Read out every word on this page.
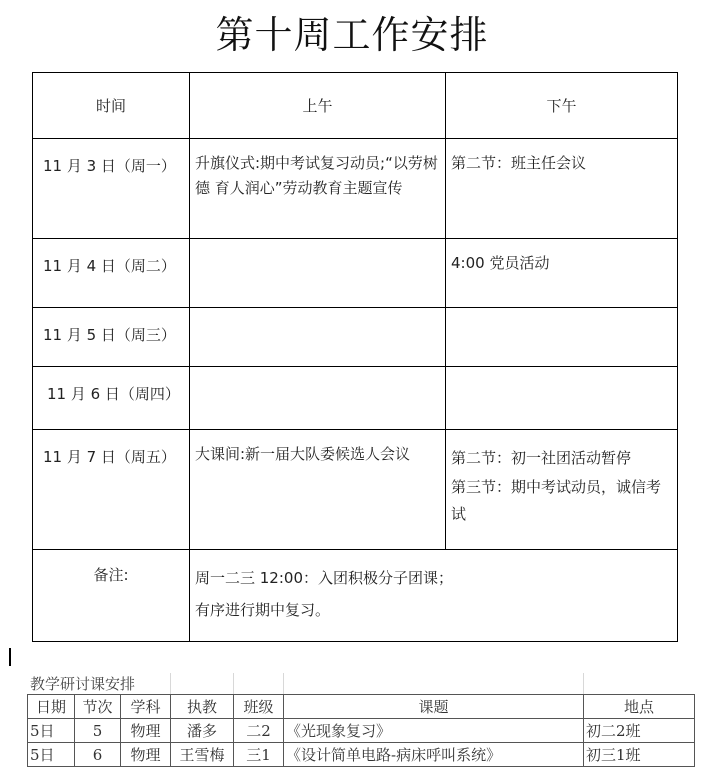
第十周工作安排
时间	上午	下午
11 月 3 日（周一）	升旗仪式:期中考试复习动员;“以劳树德 育人润心”劳动教育主题宣传	第二节：班主任会议
11 月 4 日（周二）		4:00 党员活动
11 月 5 日（周三）		
11 月 6 日（周四）		
11 月 7 日（周五）	大课间:新一届大队委候选人会议	第二节：初一社团活动暂停
第三节：期中考试动员，诚信考试

备注:	周一二三 12:00：入团积极分子团课；
有序进行期中复习。	
教学研讨课安排
日期	节次	学科	执教	班级	课题	地点
5日	5	物理	潘多	二2	《光现象复习》	初二2班
5日	6	物理	王雪梅	三1	《设计简单电路-病床呼叫系统》	初三1班
